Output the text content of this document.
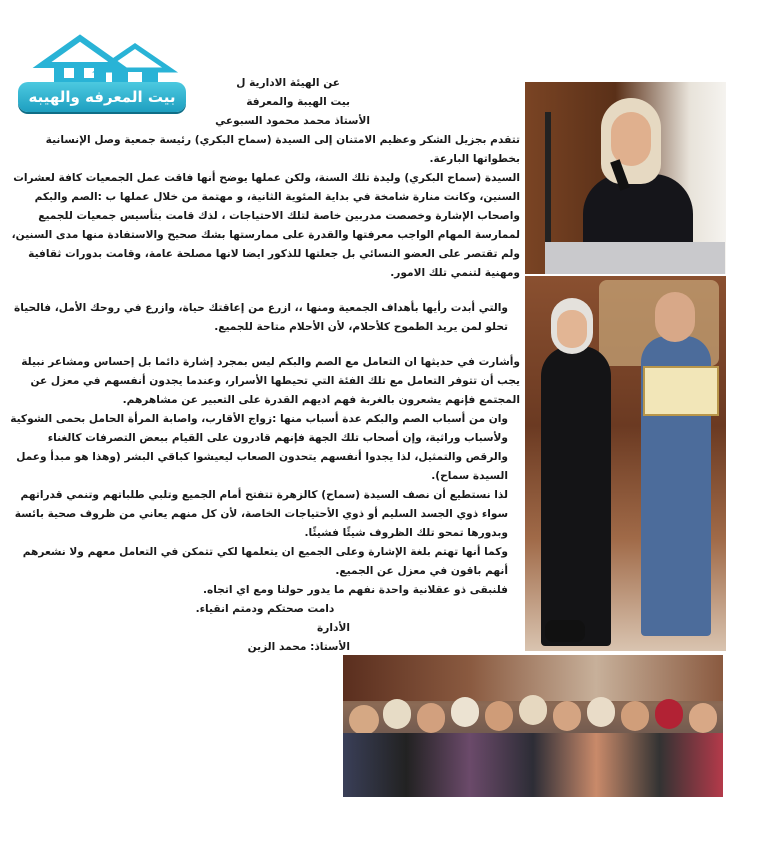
بيت المعرفه والهيبه

عن الهيئة الادارية ل

بيت الهيبة والمعرفة

الأستاذ محمد محمود السبوعي

تتقدم بجزيل الشكر وعظيم الامتنان إلى السيدة (سماح البكري) رئيسة جمعية وصل الإنسانية بخطواتها البارعة.

السيدة (سماح البكري) وليدة تلك السنة، ولكن عملها يوضح أنها فاقت عمل الجمعيات كافة لعشرات السنين، وكانت منارة شامخة في بداية المئوية الثانية، و مهتمة من خلال عملها ب :الصم والبكم واصحاب الإشارة وخصصت مدربين خاصة لتلك الاحتياجات ، لذك قامت بتأسيس جمعيات للجميع لممارسة المهام الواجب معرفتها والقدرة على ممارستها بشك صحيح والاستفادة منها مدى السنين، ولم تقتصر على العضو النسائي بل جعلتها للذكور ايضا لانها مصلحة عامة، وقامت بدورات ثقافية ومهنية لتنمي تلك الامور.

والتي أبدت رأيها بأهداف الجمعية ومنها ،، ازرع من إعاقتك حياة، وازرع في روحك الأمل، فالحياة تحلو لمن يريد الطموح كلأحلام، لأن الأحلام متاحة للجميع.

وأشارت في حديثها ان التعامل مع الصم والبكم ليس بمجرد إشارة دائما بل إحساس ومشاعر نبيلة يجب أن تتوفر التعامل مع تلك الفئة التي تحيطها الأسرار، وعندما يجدون أنفسهم في معزل عن المجتمع فإنهم يشعرون بالغربة فهم اديهم القدرة على التعبير عن مشاهرهم.

وان من أسباب الصم والبكم عدة أسباب منها :زواج الأقارب، واصابة المرأة الحامل بحمى الشوكية ولأسباب وراثية، وإن أصحاب تلك الجهة فإنهم قادرون على القيام ببعض التصرفات كالغناء والرقص والتمثيل، لذا يجدوا أنفسهم يتحدون الصعاب ليعيشوا كباقي البشر (وهذا هو مبدأ وعمل السيدة سماح).

لذا نستطيع أن نصف السيدة (سماح) كالزهرة تتفتح أمام الجميع وتلبي طلباتهم وتنمي قدراتهم سواء ذوي الجسد السليم أو ذوي الأحتياجات الخاصة، لأن كل منهم يعاني من ظروف صحية بائسة وبدورها تمحو تلك الظروف شيئًا فشيئًا.

وكما أنها تهتم بلغة الإشارة وعلى الجميع ان يتعلمها لكي تتمكن في التعامل معهم ولا نشعرهم أنهم باقون في معزل عن الجميع.

فلنبقى ذو عقلانية واحدة نفهم ما يدور حولنا ومع اي اتجاه.

دامت صحتكم ودمتم انقياء.

الأدارة

الأستاذ: محمد الزين
